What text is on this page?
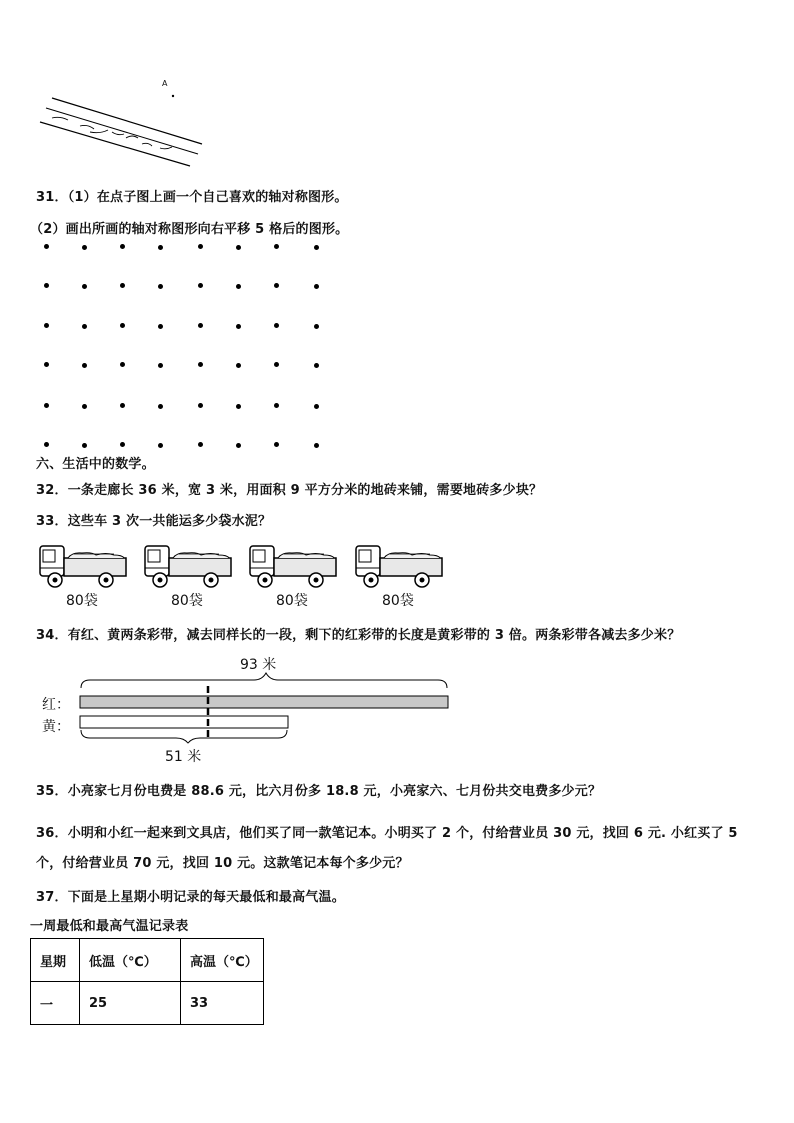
A
31．（1）在点子图上画一个自己喜欢的轴对称图形。
（2）画出所画的轴对称图形向右平移 5 格后的图形。
六、生活中的数学。
32．一条走廊长 36 米，宽 3 米，用面积 9 平方分米的地砖来铺，需要地砖多少块？
33．这些车 3 次一共能运多少袋水泥？
80袋	80袋	80袋	80袋
34．有红、黄两条彩带，减去同样长的一段，剩下的红彩带的长度是黄彩带的 3 倍。两条彩带各减去多少米？
93 米
红：
黄：
51 米
35．小亮家七月份电费是 88.6 元，比六月份多 18.8 元，小亮家六、七月份共交电费多少元？
36．小明和小红一起来到文具店，他们买了同一款笔记本。小明买了 2 个，付给营业员 30 元，找回 6 元. 小红买了 5
个，付给营业员 70 元，找回 10 元。这款笔记本每个多少元？
37．下面是上星期小明记录的每天最低和最高气温。
一周最低和最高气温记录表
星期	低温（℃）	高温（℃）
一	25	33
